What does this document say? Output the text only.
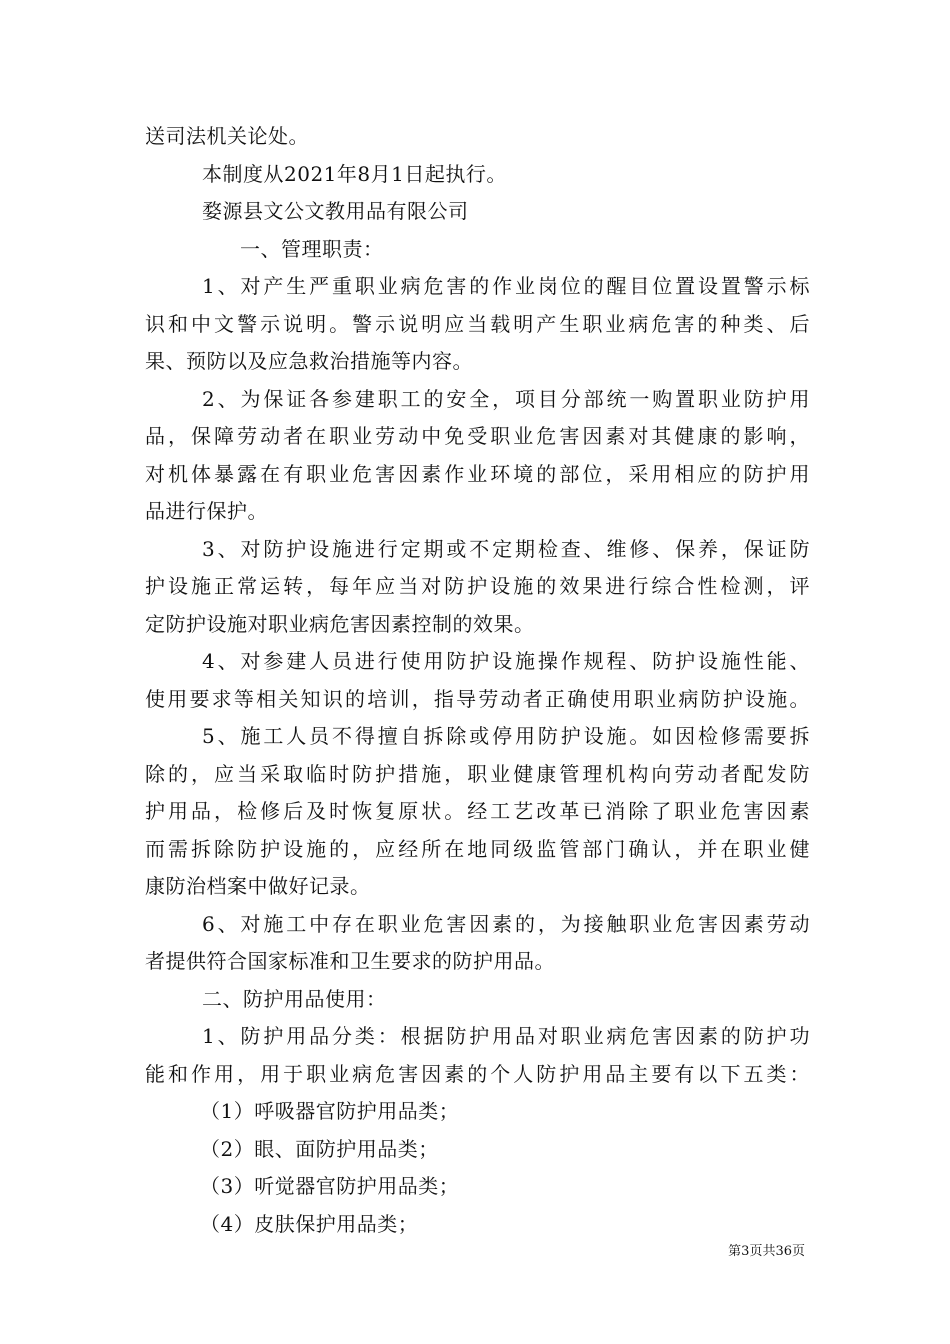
送司法机关论处。
本制度从2021年8月1日起执行。
婺源县文公文教用品有限公司
一、管理职责：
1、对产生严重职业病危害的作业岗位的醒目位置设置警示标
识和中文警示说明。警示说明应当载明产生职业病危害的种类、后
果、预防以及应急救治措施等内容。
2、为保证各参建职工的安全，项目分部统一购置职业防护用
品，保障劳动者在职业劳动中免受职业危害因素对其健康的影响，
对机体暴露在有职业危害因素作业环境的部位，采用相应的防护用
品进行保护。
3、对防护设施进行定期或不定期检查、维修、保养，保证防
护设施正常运转，每年应当对防护设施的效果进行综合性检测，评
定防护设施对职业病危害因素控制的效果。
4、对参建人员进行使用防护设施操作规程、防护设施性能、
使用要求等相关知识的培训，指导劳动者正确使用职业病防护设施。
5、施工人员不得擅自拆除或停用防护设施。如因检修需要拆
除的，应当采取临时防护措施，职业健康管理机构向劳动者配发防
护用品，检修后及时恢复原状。经工艺改革已消除了职业危害因素
而需拆除防护设施的，应经所在地同级监管部门确认，并在职业健
康防治档案中做好记录。
6、对施工中存在职业危害因素的，为接触职业危害因素劳动
者提供符合国家标准和卫生要求的防护用品。
二、防护用品使用：
1、防护用品分类：根据防护用品对职业病危害因素的防护功
能和作用，用于职业病危害因素的个人防护用品主要有以下五类：
（1）呼吸器官防护用品类；
（2）眼、面防护用品类；
（3）听觉器官防护用品类；
（4）皮肤保护用品类；
第3页共36页
